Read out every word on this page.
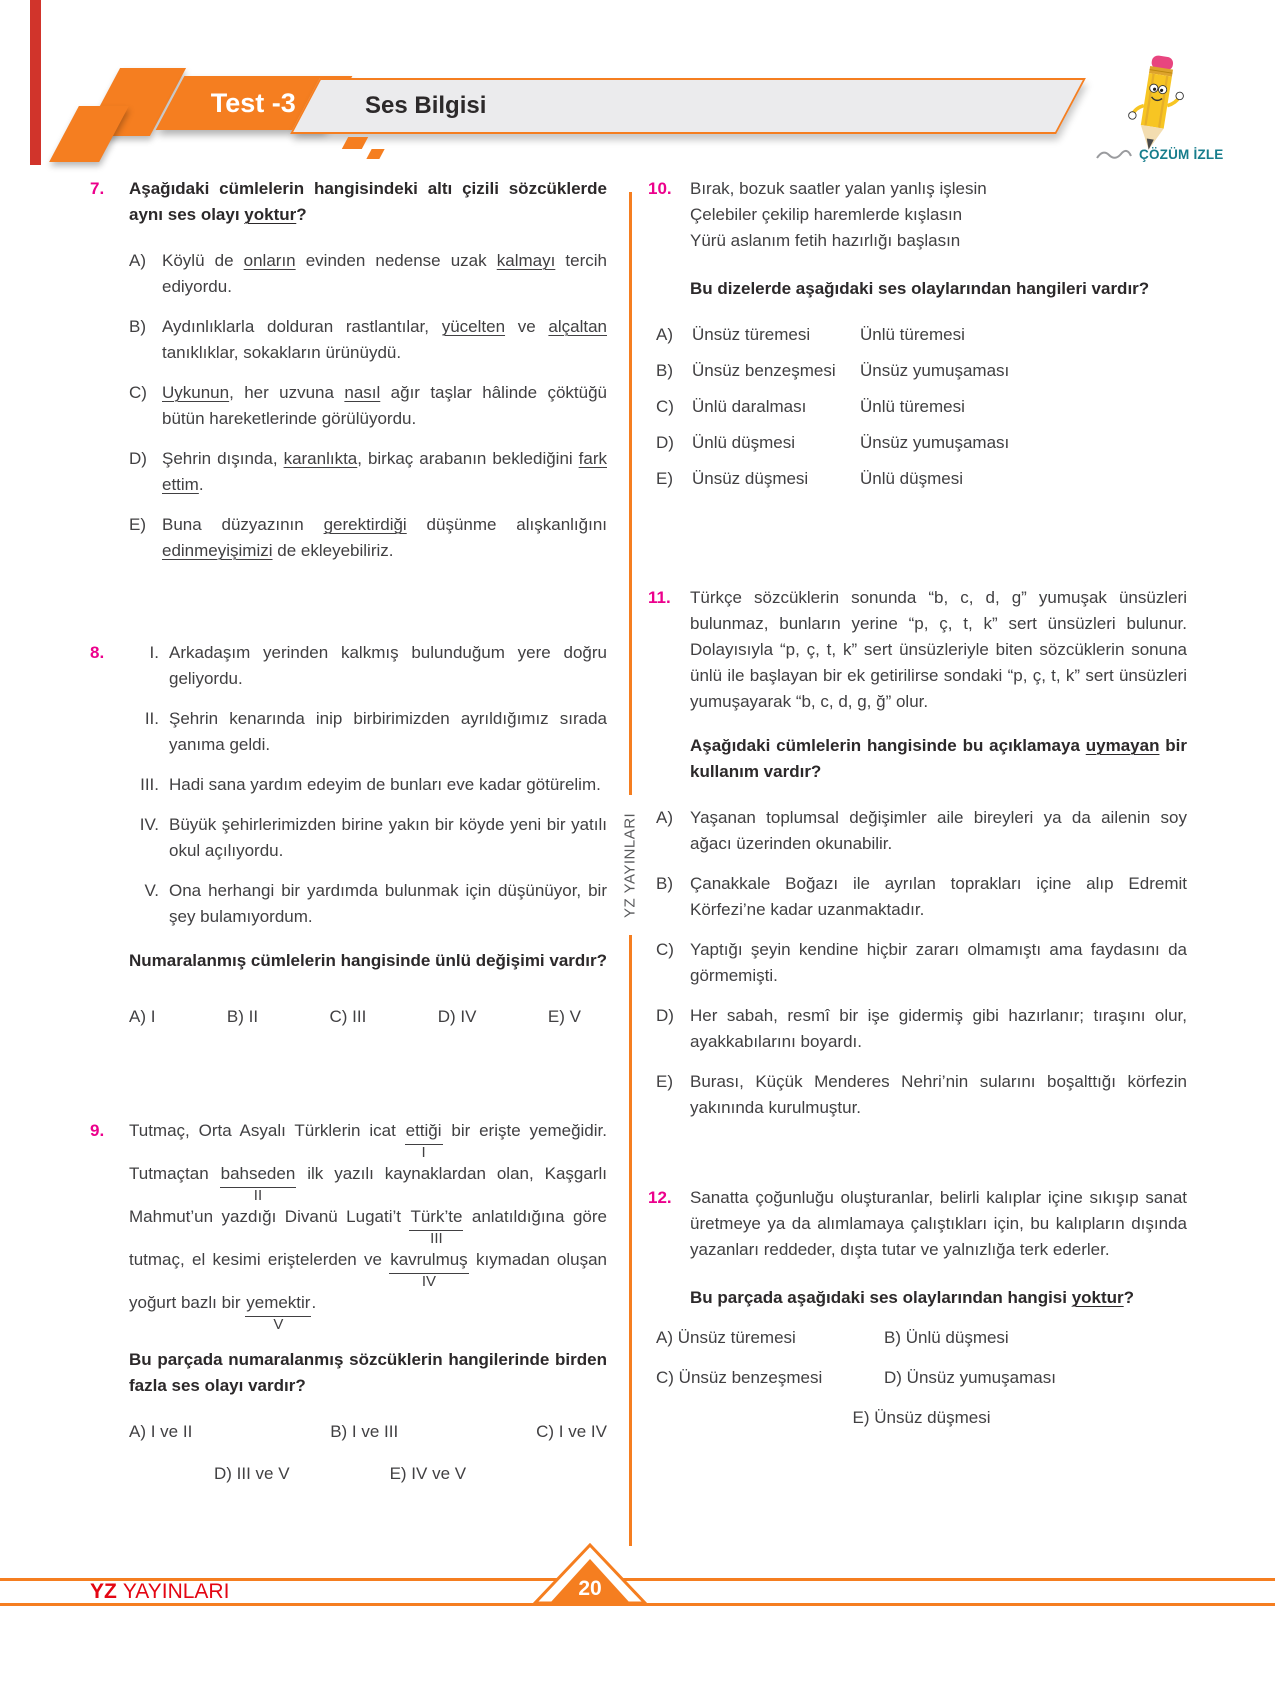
Test -3	Ses Bilgisi
ÇÖZÜM İZLE
YZ YAYINLARI
7. Aşağıdaki cümlelerin hangisindeki altı çizili sözcüklerde aynı ses olayı yoktur?
A) Köylü de onların evinden nedense uzak kalmayı tercih ediyordu.
B) Aydınlıklarla dolduran rastlantılar, yücelten ve alçaltan tanıklıklar, sokakların ürünüydü.
C) Uykunun, her uzvuna nasıl ağır taşlar hâlinde çöktüğü bütün hareketlerinde görülüyordu.
D) Şehrin dışında, karanlıkta, birkaç arabanın beklediğini fark ettim.
E) Buna düzyazının gerektirdiği düşünme alışkanlığını edinmeyişimizi de ekleyebiliriz.
8.	I. Arkadaşım yerinden kalkmış bulunduğum yere doğru geliyordu.
II. Şehrin kenarında inip birbirimizden ayrıldığımız sırada yanıma geldi.
III. Hadi sana yardım edeyim de bunları eve kadar götürelim.
IV. Büyük şehirlerimizden birine yakın bir köyde yeni bir yatılı okul açılıyordu.
V. Ona herhangi bir yardımda bulunmak için düşünüyor, bir şey bulamıyordum.
Numaralanmış cümlelerin hangisinde ünlü değişimi vardır?
A) I	B) II	C) III	D) IV	E) V
9. Tutmaç, Orta Asyalı Türklerin icat ettiği
I
bir erişte yemeğidir. Tutmaçtan bahseden
II
ilk yazılı kaynaklardan olan, Kaşgarlı Mahmut’un yazdığı Divanü Lugati’t Türk’te
III
anlatıldığına göre tutmaç, el kesimi eriştelerden ve kavrulmuş
IV
kıymadan oluşan yoğurt bazlı bir yemektir
V
.
Bu parçada numaralanmış sözcüklerin hangilerinde birden fazla ses olayı vardır?
A) I ve II	B) I ve III	C) I ve IV
D) III ve V	E) IV ve V
10. Bırak, bozuk saatler yalan yanlış işlesin
Çelebiler çekilip haremlerde kışlasın
Yürü aslanım fetih hazırlığı başlasın
Bu dizelerde aşağıdaki ses olaylarından hangileri vardır?
A)	Ünsüz türemesi	Ünlü türemesi
B)	Ünsüz benzeşmesi	Ünsüz yumuşaması
C)	Ünlü daralması	Ünlü türemesi
D)	Ünlü düşmesi	Ünsüz yumuşaması
E)	Ünsüz düşmesi	Ünlü düşmesi
11. Türkçe sözcüklerin sonunda “b, c, d, g” yumuşak ünsüzleri bulunmaz, bunların yerine “p, ç, t, k” sert ünsüzleri bulunur. Dolayısıyla “p, ç, t, k” sert ünsüzleriyle biten sözcüklerin sonuna ünlü ile başlayan bir ek getirilirse sondaki “p, ç, t, k” sert ünsüzleri yumuşayarak “b, c, d, g, ğ” olur.
Aşağıdaki cümlelerin hangisinde bu açıklamaya uymayan bir kullanım vardır?
A)	Yaşanan toplumsal değişimler aile bireyleri ya da ailenin soy ağacı üzerinden okunabilir.
B)	Çanakkale Boğazı ile ayrılan toprakları içine alıp Edremit Körfezi’ne kadar uzanmaktadır.
C) Yaptığı şeyin kendine hiçbir zararı olmamıştı ama faydasını da görmemişti.
D) Her sabah, resmî bir işe gidermiş gibi hazırlanır; tıraşını olur, ayakkabılarını boyardı.
E)	Burası, Küçük Menderes Nehri’nin sularını boşalttığı körfezin yakınında kurulmuştur.
12. Sanatta çoğunluğu oluşturanlar, belirli kalıplar içine sıkışıp sanat üretmeye ya da alımlamaya çalıştıkları için, bu kalıpların dışında yazanları reddeder, dışta tutar ve yalnızlığa terk ederler.
Bu parçada aşağıdaki ses olaylarından hangisi yoktur?
A) Ünsüz türemesi	B) Ünlü düşmesi
C) Ünsüz benzeşmesi	D) Ünsüz yumuşaması
E) Ünsüz düşmesi
YZ YAYINLARI	20
